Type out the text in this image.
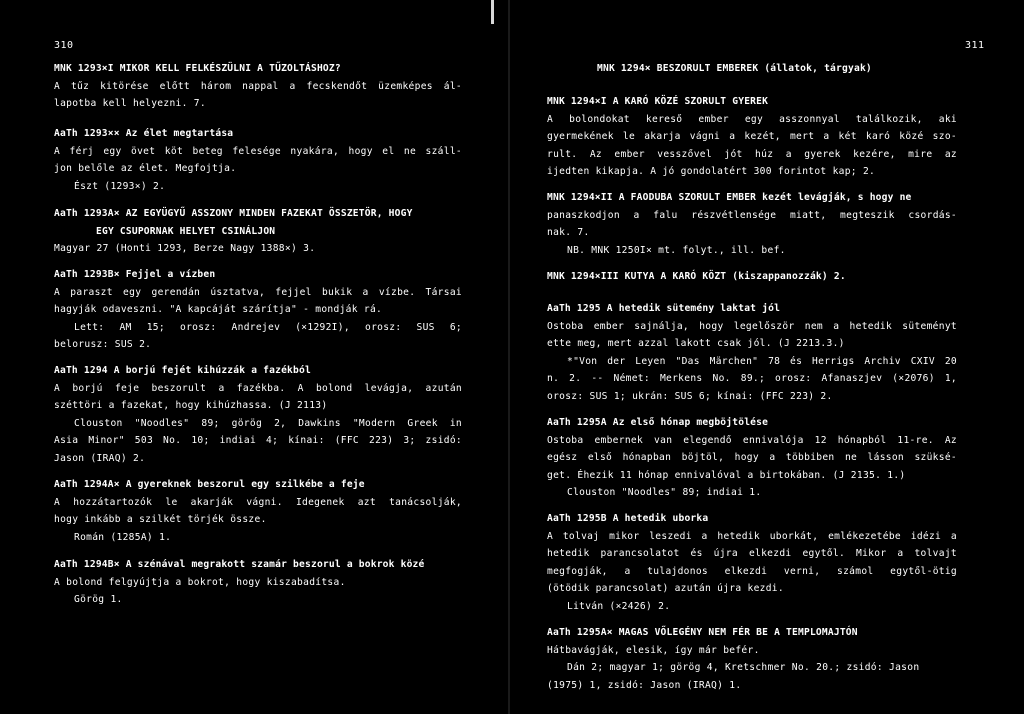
310
MNK 1293×I MIKOR KELL FELKÉSZÜLNI A TŰZOLTÁSHOZ?
A tűz kitörése előtt három nappal a fecskendőt üzemképes ál-
lapotba kell helyezni. 7.
AaTh 1293×× Az élet megtartása
A férj egy övet köt beteg felesége nyakára, hogy el ne száll-
jon belőle az élet. Megfojtja.
Észt (1293×) 2.
AaTh 1293A× AZ EGYÜGYŰ ASSZONY MINDEN FAZEKAT ÖSSZETÖR, HOGY
EGY CSUPORNAK HELYET CSINÁLJON
Magyar 27 (Honti 1293, Berze Nagy 1388×) 3.
AaTh 1293B× Fejjel a vízben
A paraszt egy gerendán úsztatva, fejjel bukik a vízbe. Társai
hagyják odaveszni. "A kapcáját szárítja" - mondják rá.
Lett: AM 15; orosz: Andrejev (×1292I), orosz: SUS 6;
belorusz: SUS 2.
AaTh 1294 A borjú fejét kihúzzák a fazékból
A borjú feje beszorult a fazékba. A bolond levágja, azután
széttöri a fazekat, hogy kihúzhassa. (J 2113)
Clouston "Noodles" 89; görög 2, Dawkins "Modern Greek in
Asia Minor" 503 No. 10; indiai 4; kínai: (FFC 223) 3; zsidó:
Jason (IRAQ) 2.
AaTh 1294A× A gyereknek beszorul egy szilkébe a feje
A hozzátartozók le akarják vágni. Idegenek azt tanácsolják,
hogy inkább a szilkét törjék össze.
Román (1285A) 1.
AaTh 1294B× A szénával megrakott szamár beszorul a bokrok közé
A bolond felgyújtja a bokrot, hogy kiszabadítsa.
Görög 1.
311
MNK 1294× BESZORULT EMBEREK (állatok, tárgyak)
MNK 1294×I A KARÓ KÖZÉ SZORULT GYEREK
A bolondokat kereső ember egy asszonnyal találkozik, aki
gyermekének le akarja vágni a kezét, mert a két karó közé szo-
rult. Az ember vesszővel jót húz a gyerek kezére, mire az
ijedten kikapja. A jó gondolatért 300 forintot kap; 2.
MNK 1294×II A FAODUBA SZORULT EMBER kezét levágják, s hogy ne
panaszkodjon a falu részvétlensége miatt, megteszik csordás-
nak. 7.
NB. MNK 1250I× mt. folyt., ill. bef.
MNK 1294×III KUTYA A KARÓ KÖZT (kiszappanozzák) 2.
AaTh 1295 A hetedik sütemény laktat jól
Ostoba ember sajnálja, hogy legelőször nem a hetedik süteményt
ette meg, mert azzal lakott csak jól. (J 2213.3.)
*"Von der Leyen "Das Märchen" 78 és Herrigs Archiv CXIV 20
n. 2. -- Német: Merkens No. 89.; orosz: Afanaszjev (×2076) 1,
orosz: SUS 1; ukrán: SUS 6; kínai: (FFC 223) 2.
AaTh 1295A Az első hónap megböjtölése
Ostoba embernek van elegendő ennivalója 12 hónapból 11-re. Az
egész első hónapban böjtöl, hogy a többiben ne lásson szüksé-
get. Éhezik 11 hónap ennivalóval a birtokában. (J 2135. 1.)
Clouston "Noodles" 89; indiai 1.
AaTh 1295B A hetedik uborka
A tolvaj mikor leszedi a hetedik uborkát, emlékezetébe idézi a
hetedik parancsolatot és újra elkezdi egytől. Mikor a tolvajt
megfogják, a tulajdonos elkezdi verni, számol egytől-ötig
(ötödik parancsolat) azután újra kezdi.
Litván (×2426) 2.
AaTh 1295A× MAGAS VŐLEGÉNY NEM FÉR BE A TEMPLOMAJTÓN
Hátbavágják, elesik, így már befér.
Dán 2; magyar 1; görög 4, Kretschmer No. 20.; zsidó: Jason
(1975) 1, zsidó: Jason (IRAQ) 1.
